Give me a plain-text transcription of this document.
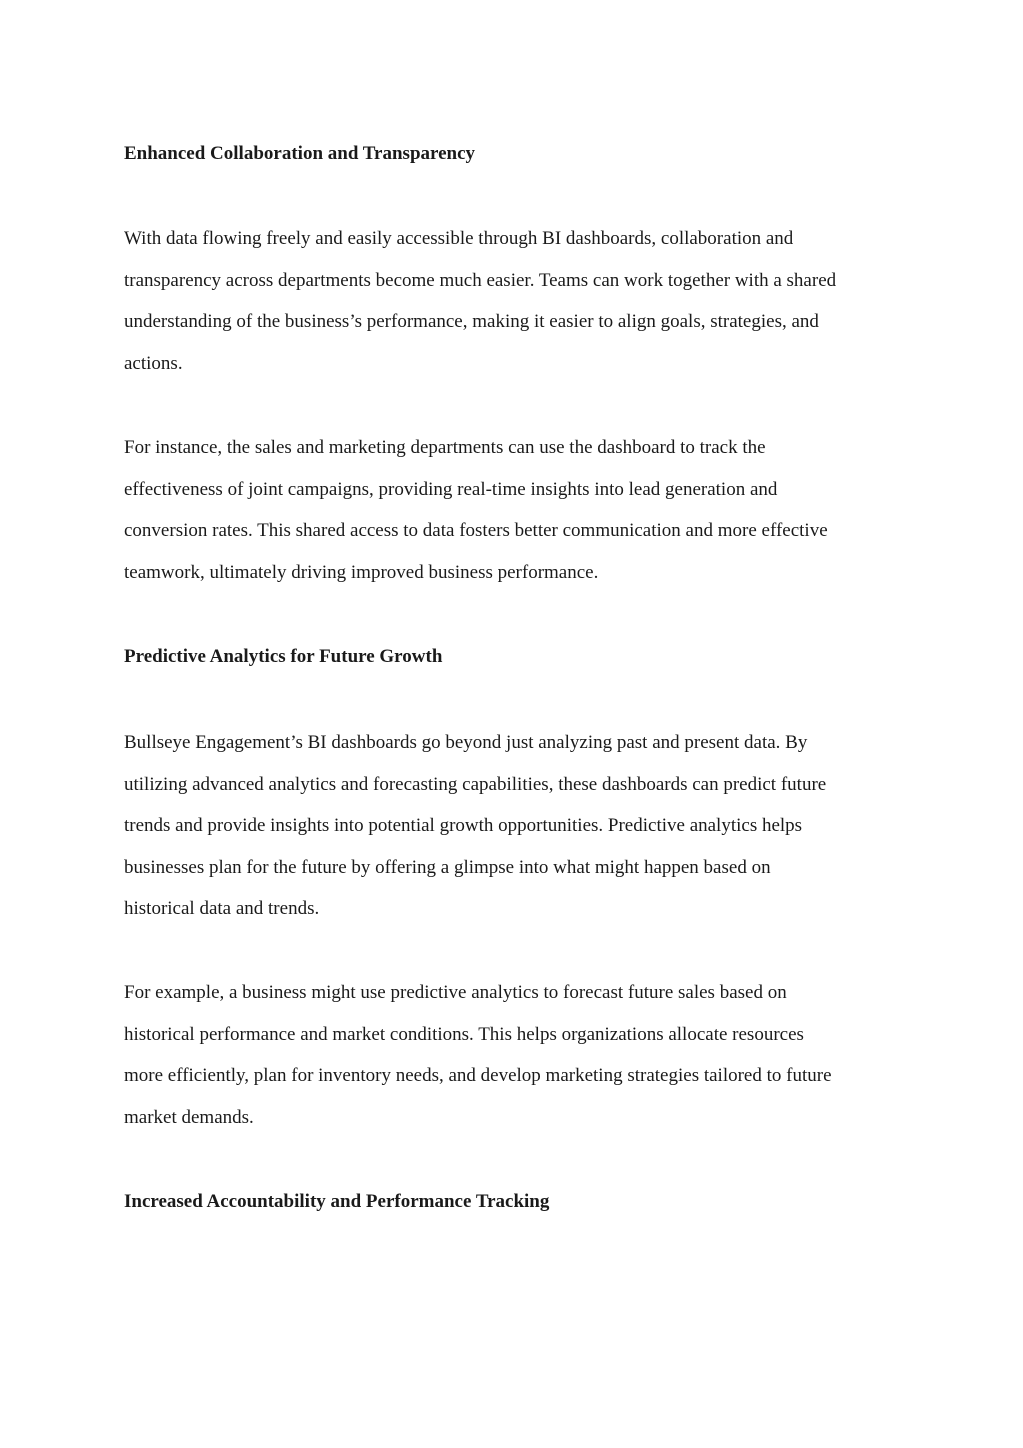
Enhanced Collaboration and Transparency
With data flowing freely and easily accessible through BI dashboards, collaboration and
transparency across departments become much easier. Teams can work together with a shared
understanding of the business’s performance, making it easier to align goals, strategies, and
actions.
For instance, the sales and marketing departments can use the dashboard to track the
effectiveness of joint campaigns, providing real-time insights into lead generation and
conversion rates. This shared access to data fosters better communication and more effective
teamwork, ultimately driving improved business performance.
Predictive Analytics for Future Growth
Bullseye Engagement’s BI dashboards go beyond just analyzing past and present data. By
utilizing advanced analytics and forecasting capabilities, these dashboards can predict future
trends and provide insights into potential growth opportunities. Predictive analytics helps
businesses plan for the future by offering a glimpse into what might happen based on
historical data and trends.
For example, a business might use predictive analytics to forecast future sales based on
historical performance and market conditions. This helps organizations allocate resources
more efficiently, plan for inventory needs, and develop marketing strategies tailored to future
market demands.
Increased Accountability and Performance Tracking
